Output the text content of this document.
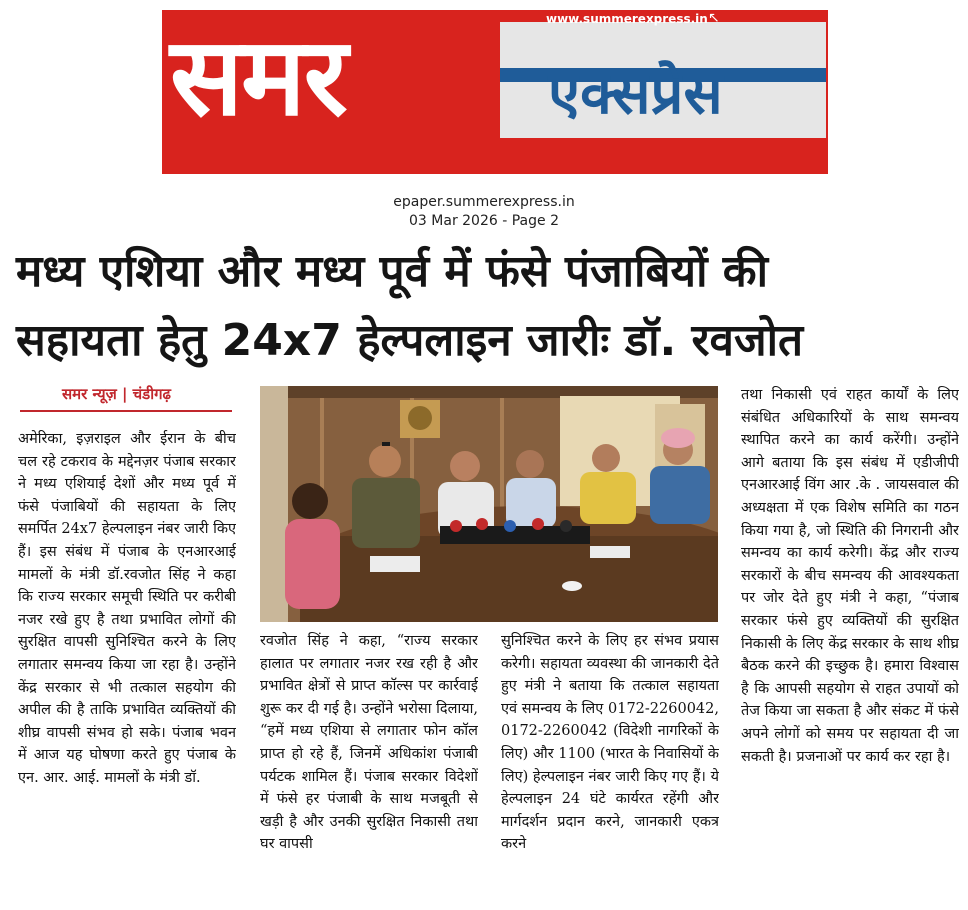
समर	एक्सप्रेस
www.summerexpress.in ↖
epaper.summerexpress.in
03 Mar 2026 - Page 2
मध्य एशिया और मध्य पूर्व में फंसे पंजाबियों की
सहायता हेतु 24x7 हेल्पलाइन जारीः डॉ. रवजोत
समर न्यूज़ | चंडीगढ़
अमेरिका, इज़राइल और ईरान के बीच चल रहे टकराव के मद्देनज़र पंजाब सरकार ने मध्य एशियाई देशों और मध्य पूर्व में फंसे पंजाबियों की सहायता के लिए समर्पित 24x7 हेल्पलाइन नंबर जारी किए हैं। इस संबंध में पंजाब के एनआरआई मामलों के मंत्री डॉ.रवजोत सिंह ने कहा कि राज्य सरकार समूची स्थिति पर करीबी नजर रखे हुए है तथा प्रभावित लोगों की सुरक्षित वापसी सुनिश्चित करने के लिए लगातार समन्वय किया जा रहा है। उन्होंने केंद्र सरकार से भी तत्काल सहयोग की अपील की है ताकि प्रभावित व्यक्तियों की शीघ्र वापसी संभव हो सके। पंजाब भवन में आज यह घोषणा करते हुए पंजाब के एन. आर. आई. मामलों के मंत्री डॉ.
रवजोत सिंह ने कहा, “राज्य सरकार हालात पर लगातार नजर रख रही है और प्रभावित क्षेत्रों से प्राप्त कॉल्स पर कार्रवाई शुरू कर दी गई है। उन्होंने भरोसा दिलाया, “हमें मध्य एशिया से लगातार फोन कॉल प्राप्त हो रहे हैं, जिनमें अधिकांश पंजाबी पर्यटक शामिल हैं। पंजाब सरकार विदेशों में फंसे हर पंजाबी के साथ मजबूती से खड़ी है और उनकी सुरक्षित निकासी तथा घर वापसी
सुनिश्चित करने के लिए हर संभव प्रयास करेगी। सहायता व्यवस्था की जानकारी देते हुए मंत्री ने बताया कि तत्काल सहायता एवं समन्वय के लिए 0172-2260042, 0172-2260042 (विदेशी नागरिकों के लिए) और 1100 (भारत के निवासियों के लिए) हेल्पलाइन नंबर जारी किए गए हैं। ये हेल्पलाइन 24 घंटे कार्यरत रहेंगी और मार्गदर्शन प्रदान करने, जानकारी एकत्र करने
तथा निकासी एवं राहत कार्यों के लिए संबंधित अधिकारियों के साथ समन्वय स्थापित करने का कार्य करेंगी। उन्होंने आगे बताया कि इस संबंध में एडीजीपी एनआरआई विंग आर .के . जायसवाल की अध्यक्षता में एक विशेष समिति का गठन किया गया है, जो स्थिति की निगरानी और समन्वय का कार्य करेगी। केंद्र और राज्य सरकारों के बीच समन्वय की आवश्यकता पर जोर देते हुए मंत्री ने कहा, “पंजाब सरकार फंसे हुए व्यक्तियों की सुरक्षित निकासी के लिए केंद्र सरकार के साथ शीघ्र बैठक करने की इच्छुक है। हमारा विश्वास है कि आपसी सहयोग से राहत उपायों को तेज किया जा सकता है और संकट में फंसे अपने लोगों को समय पर सहायता दी जा सकती है। प्रजनाओं पर कार्य कर रहा है।
